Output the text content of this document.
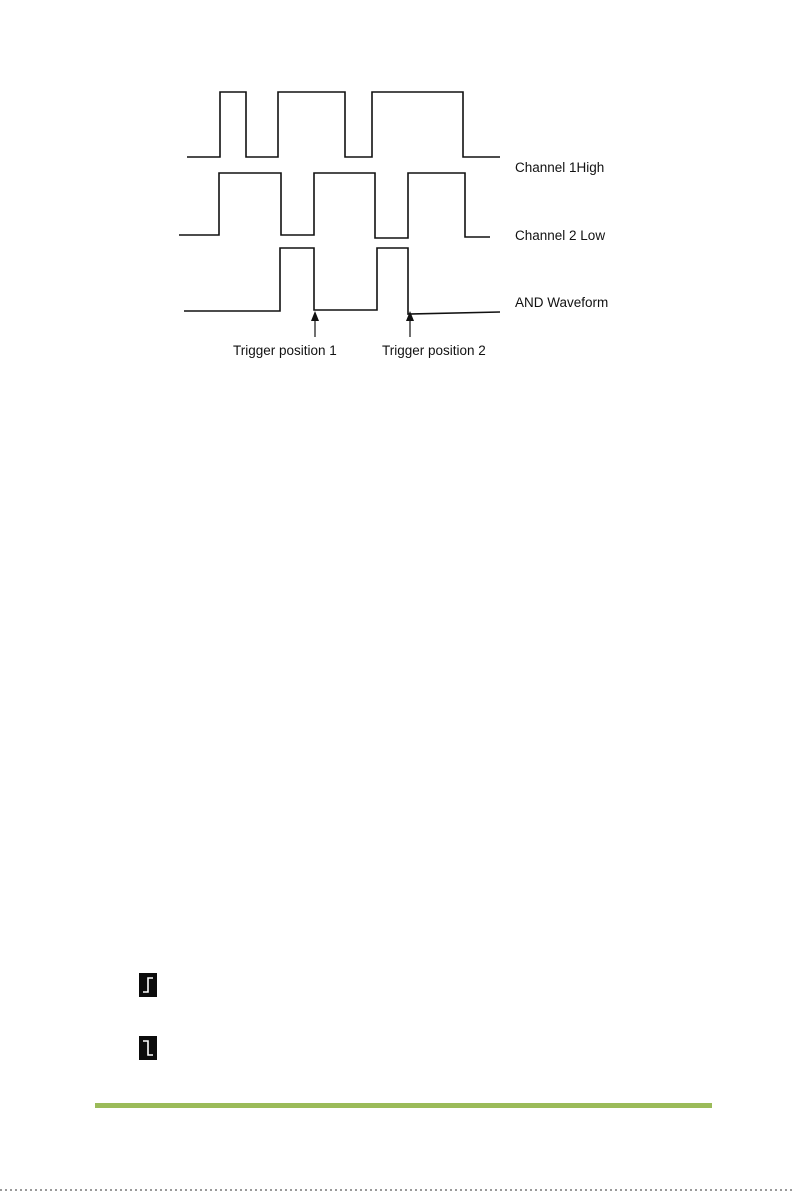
Channel 1High
Channel 2 Low
AND Waveform
Trigger position 1	Trigger position 2
